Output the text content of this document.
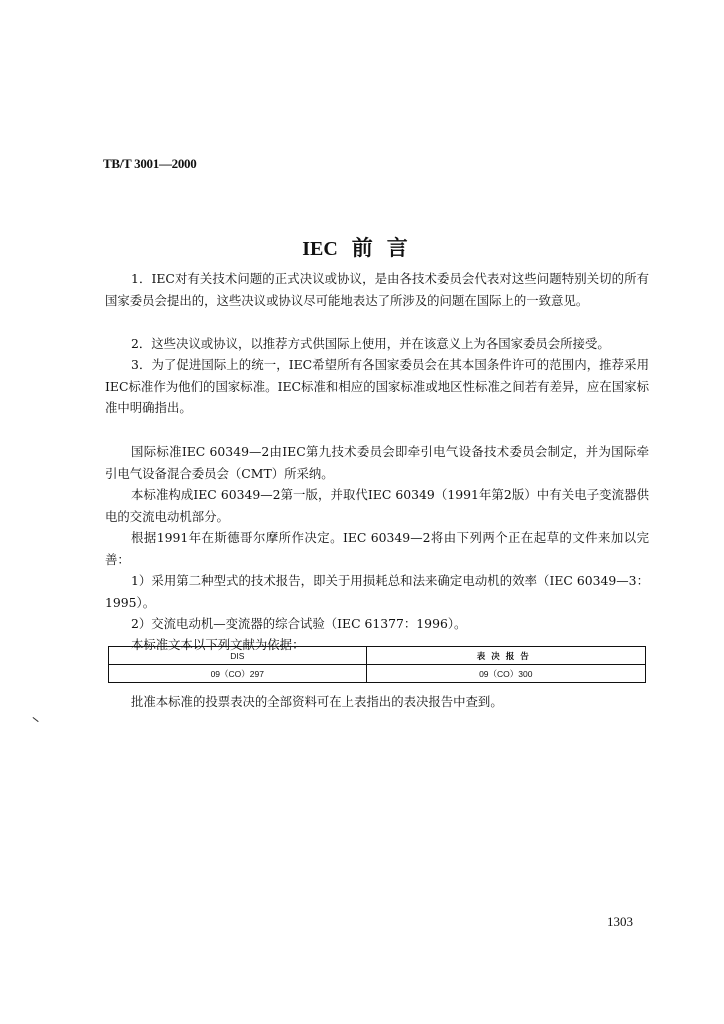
TB/T 3001—2000
IEC 前言

1．IEC对有关技术问题的正式决议或协议，是由各技术委员会代表对这些问题特别关切的所有国家委员会提出的，这些决议或协议尽可能地表达了所涉及的问题在国际上的一致意见。

2．这些决议或协议，以推荐方式供国际上使用，并在该意义上为各国家委员会所接受。

3．为了促进国际上的统一，IEC希望所有各国家委员会在其本国条件许可的范围内，推荐采用IEC标准作为他们的国家标准。IEC标准和相应的国家标准或地区性标准之间若有差异，应在国家标准中明确指出。

国际标准IEC 60349—2由IEC第九技术委员会即牵引电气设备技术委员会制定，并为国际牵引电气设备混合委员会（CMT）所采纳。

本标准构成IEC 60349—2第一版，并取代IEC 60349（1991年第2版）中有关电子变流器供电的交流电动机部分。

根据1991年在斯德哥尔摩所作决定。IEC 60349—2将由下列两个正在起草的文件来加以完善：

1）采用第二种型式的技术报告，即关于用损耗总和法来确定电动机的效率（IEC 60349—3：1995）。

2）交流电动机—变流器的综合试验（IEC 61377：1996）。

本标准文本以下列文献为依据：

DIS	表决报告
09（CO）297	09（CO）300

批准本标准的投票表决的全部资料可在上表指出的表决报告中查到。

1303
